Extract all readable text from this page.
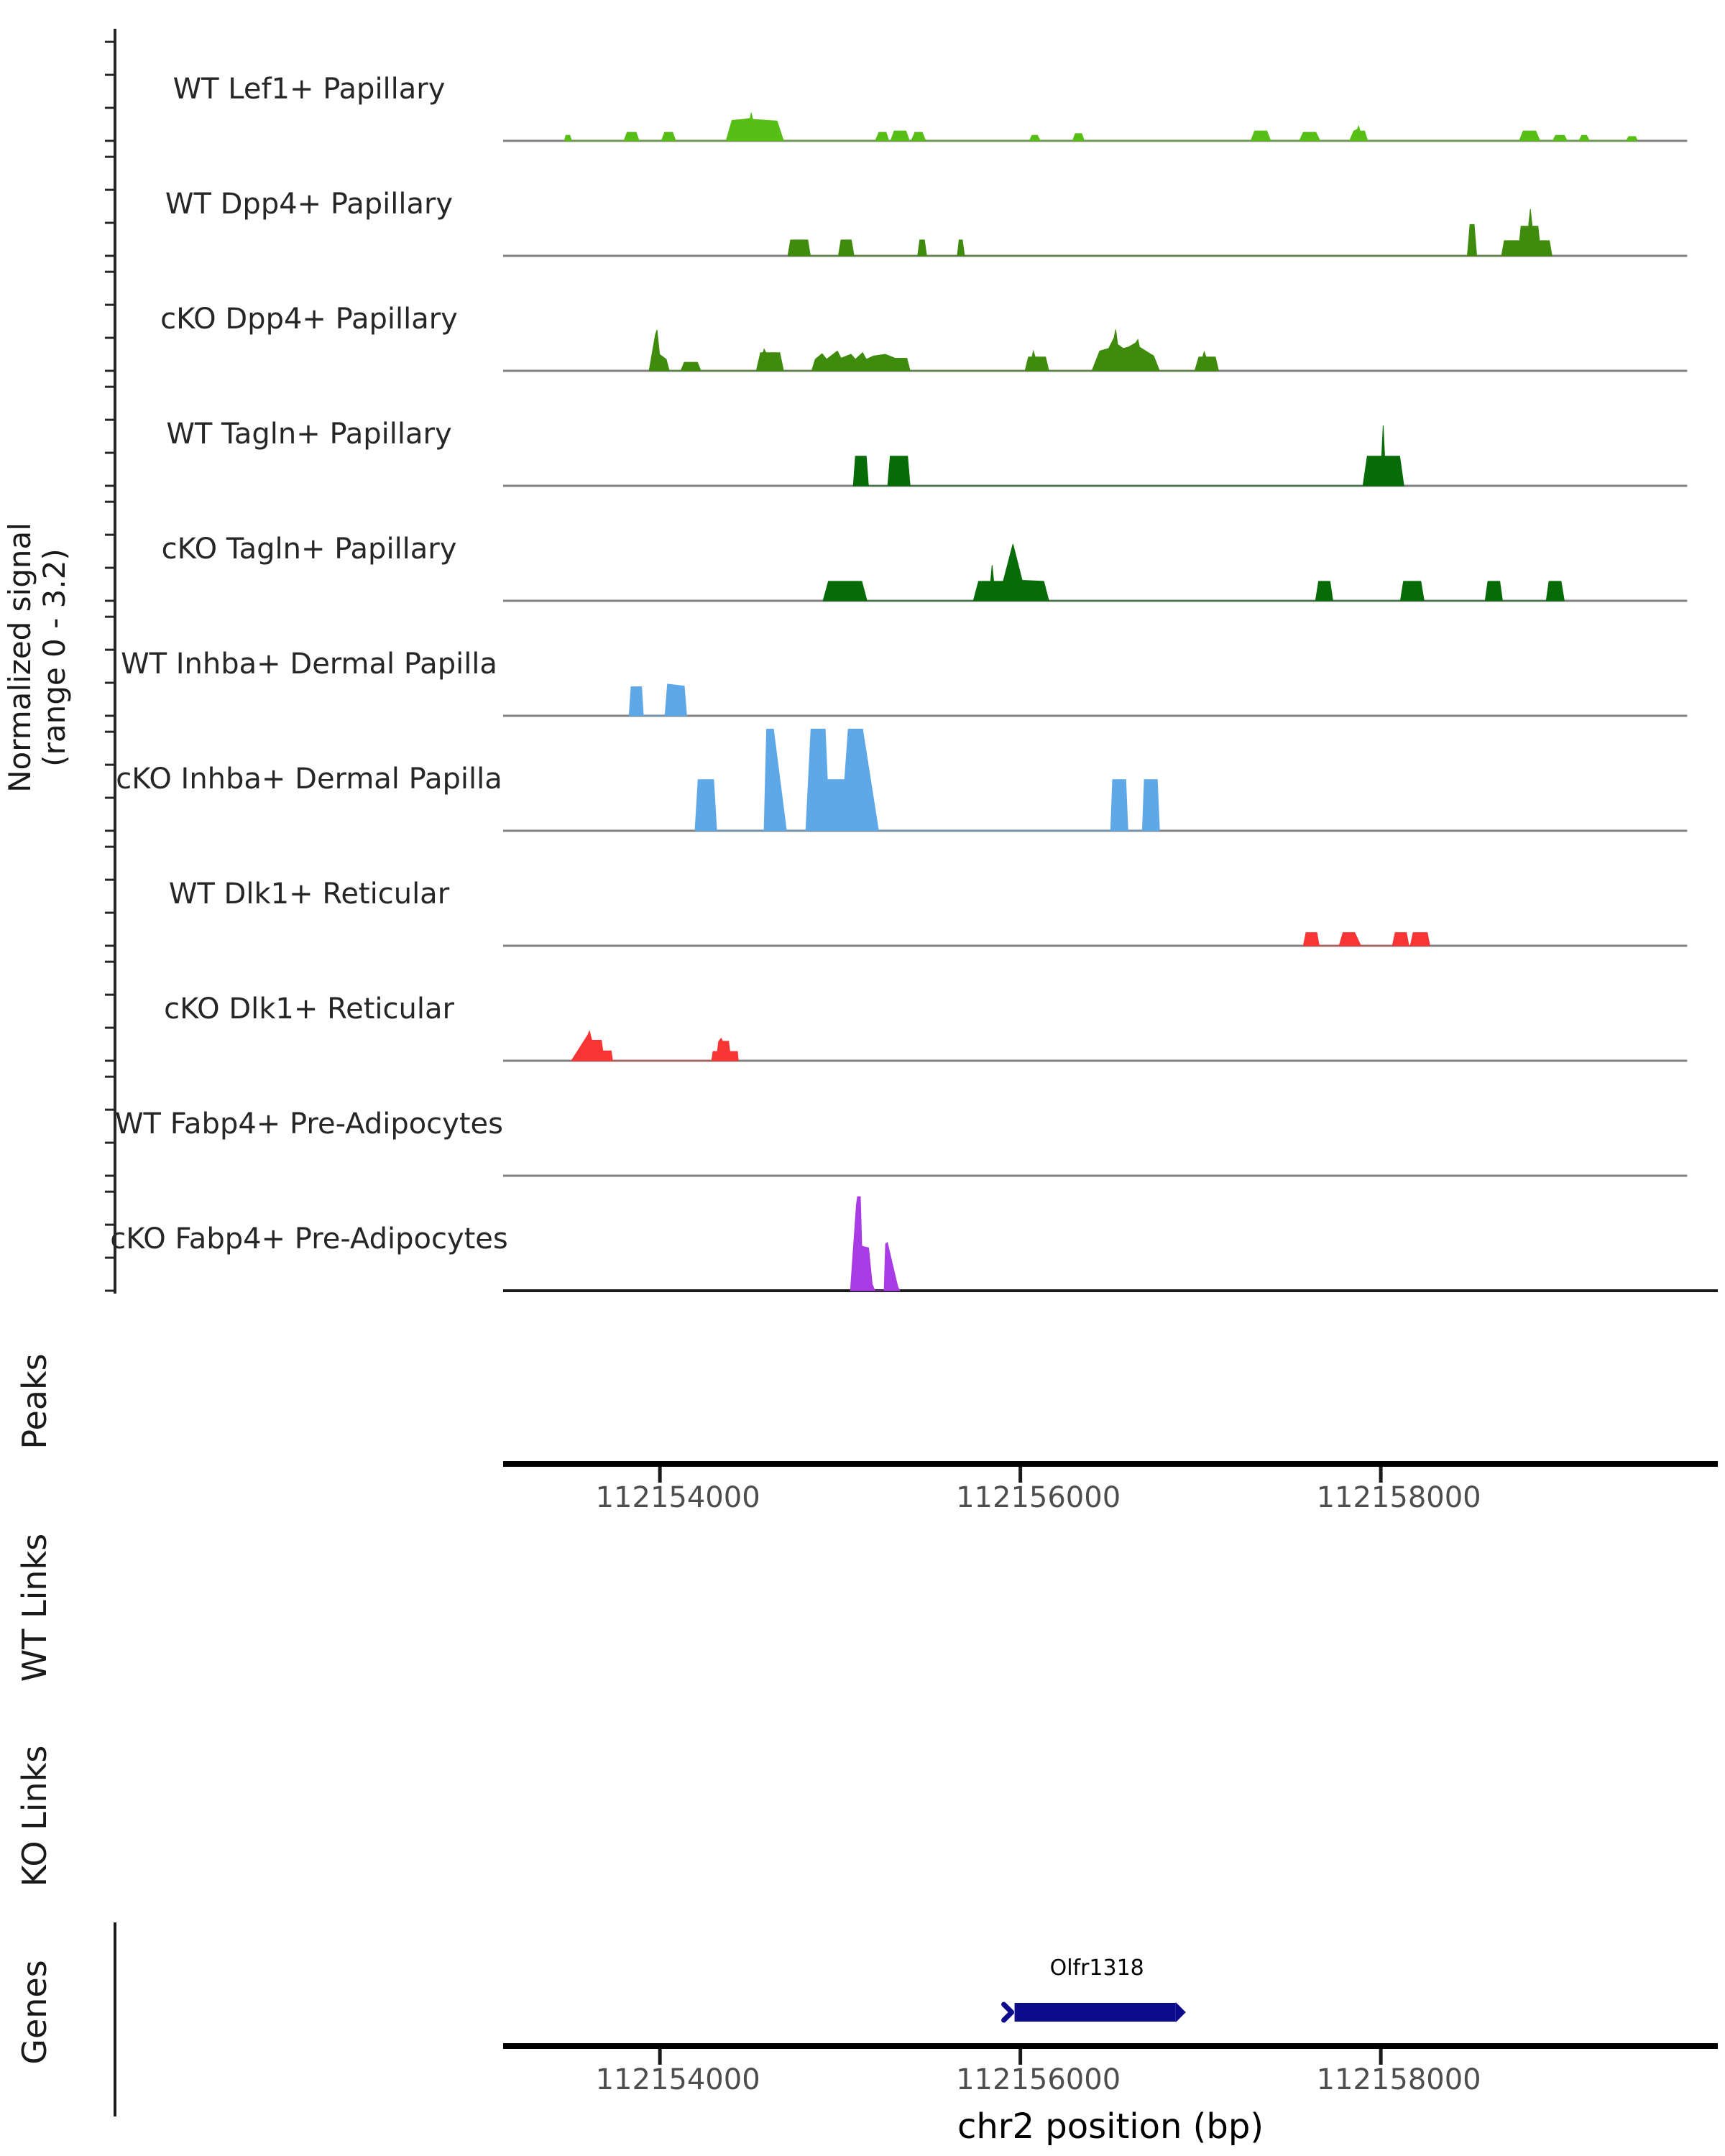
Normalized signal (range 0 - 3.2)
Peaks
WT Links
KO Links
Genes
WT Lef1+ Papillary
WT Dpp4+ Papillary
cKO Dpp4+ Papillary
WT Tagln+ Papillary
cKO Tagln+ Papillary
WT Inhba+ Dermal Papilla
cKO Inhba+ Dermal Papilla
WT Dlk1+ Reticular
cKO Dlk1+ Reticular
WT Fabp4+ Pre-Adipocytes
cKO Fabp4+ Pre-Adipocytes
112154000	112156000	112158000
Olfr1318
112154000	112156000	112158000
chr2 position (bp)
